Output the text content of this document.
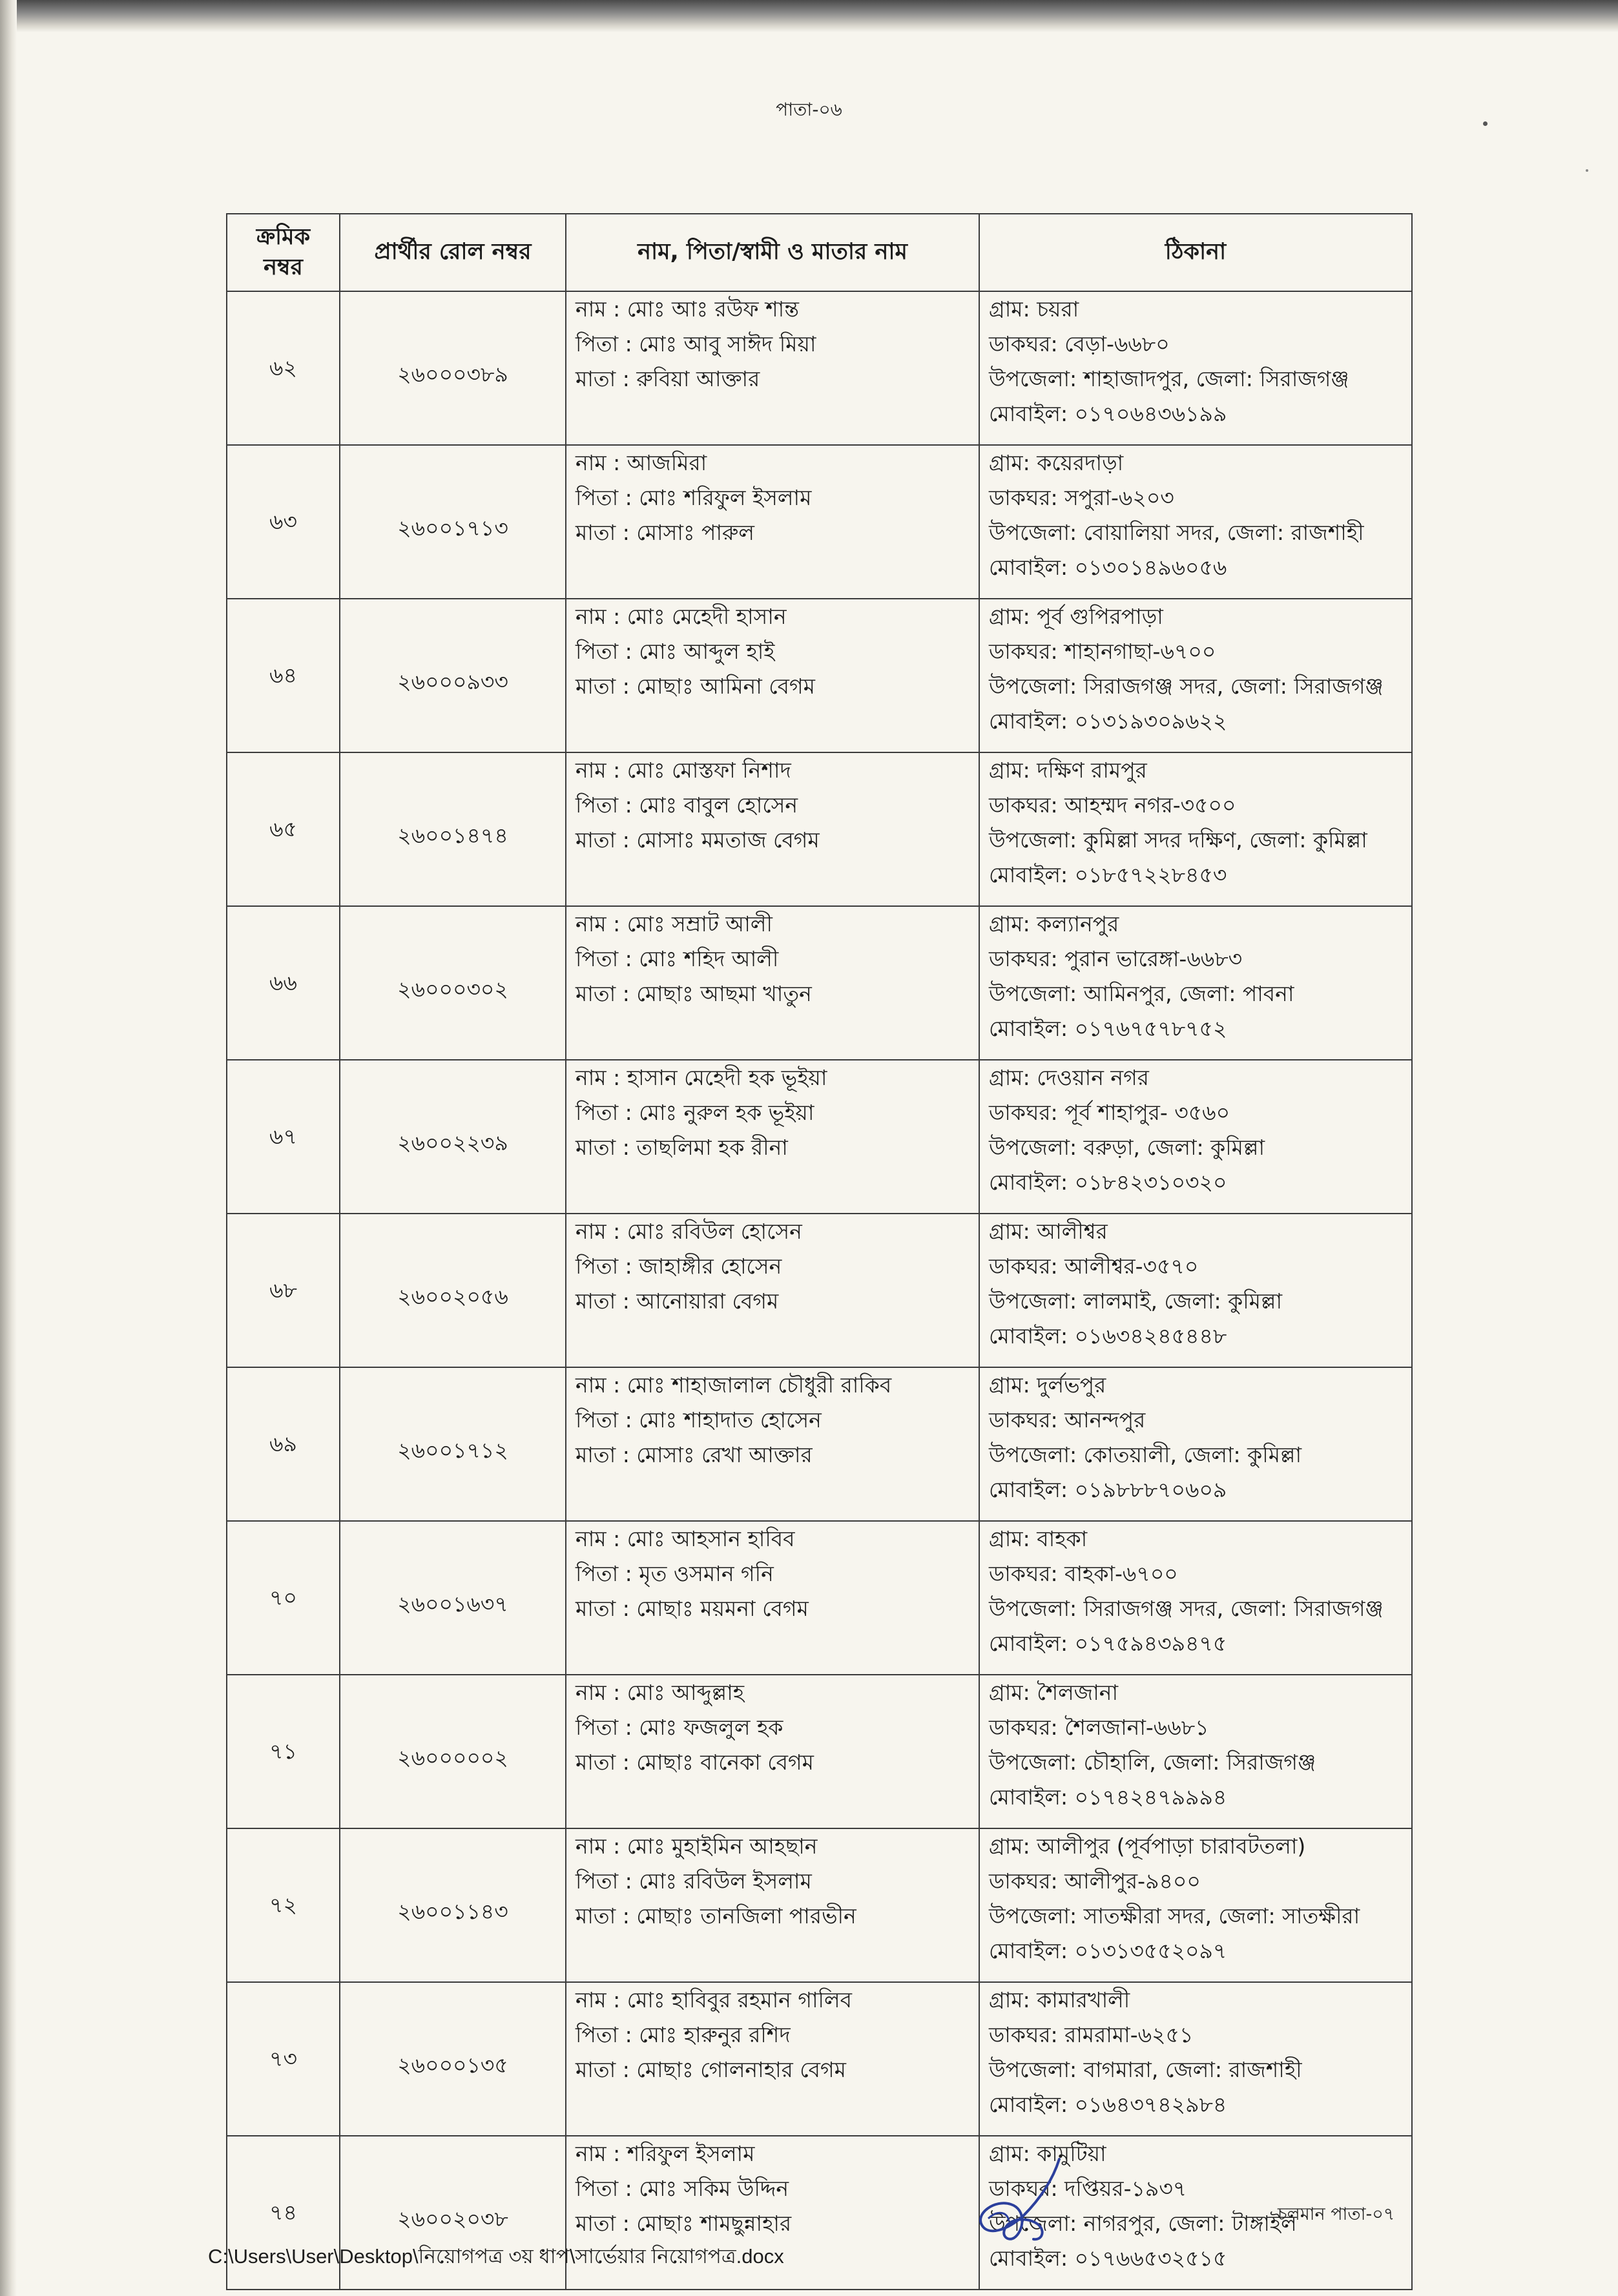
পাতা-০৬
ক্রমিক নম্বর	প্রার্থীর রোল নম্বর	নাম, পিতা/স্বামী ও মাতার নাম	ঠিকানা
৬২	২৬০০০৩৮৯	নাম : মোঃ আঃ রউফ শান্ত
পিতা : মোঃ আবু সাঈদ মিয়া
মাতা : রুবিয়া আক্তার	গ্রাম: চয়রা
ডাকঘর: বেড়া-৬৬৮০
উপজেলা: শাহাজাদপুর, জেলা: সিরাজগঞ্জ
মোবাইল: ০১৭০৬৪৩৬১৯৯

৬৩	২৬০০১৭১৩	নাম : আজমিরা
পিতা : মোঃ শরিফুল ইসলাম
মাতা : মোসাঃ পারুল	গ্রাম: কয়েরদাড়া
ডাকঘর: সপুরা-৬২০৩
উপজেলা: বোয়ালিয়া সদর, জেলা: রাজশাহী
মোবাইল: ০১৩০১৪৯৬০৫৬

৬৪	২৬০০০৯৩৩	নাম : মোঃ মেহেদী হাসান
পিতা : মোঃ আব্দুল হাই
মাতা : মোছাঃ আমিনা বেগম	গ্রাম: পূর্ব গুপিরপাড়া
ডাকঘর: শাহানগাছা-৬৭০০
উপজেলা: সিরাজগঞ্জ সদর, জেলা: সিরাজগঞ্জ
মোবাইল: ০১৩১৯৩০৯৬২২

৬৫	২৬০০১৪৭৪	নাম : মোঃ মোস্তফা নিশাদ
পিতা : মোঃ বাবুল হোসেন
মাতা : মোসাঃ মমতাজ বেগম	গ্রাম: দক্ষিণ রামপুর
ডাকঘর: আহম্মদ নগর-৩৫০০
উপজেলা: কুমিল্লা সদর দক্ষিণ, জেলা: কুমিল্লা
মোবাইল: ০১৮৫৭২২৮৪৫৩

৬৬	২৬০০০৩০২	নাম : মোঃ সম্রাট আলী
পিতা : মোঃ শহিদ আলী
মাতা : মোছাঃ আছমা খাতুন	গ্রাম: কল্যানপুর
ডাকঘর: পুরান ভারেঙ্গা-৬৬৮৩
উপজেলা: আমিনপুর, জেলা: পাবনা
মোবাইল: ০১৭৬৭৫৭৮৭৫২

৬৭	২৬০০২২৩৯	নাম : হাসান মেহেদী হক ভূইয়া
পিতা : মোঃ নুরুল হক ভূইয়া
মাতা : তাছলিমা হক রীনা	গ্রাম: দেওয়ান নগর
ডাকঘর: পূর্ব শাহাপুর- ৩৫৬০
উপজেলা: বরুড়া, জেলা: কুমিল্লা
মোবাইল: ০১৮৪২৩১০৩২০

৬৮	২৬০০২০৫৬	নাম : মোঃ রবিউল হোসেন
পিতা : জাহাঙ্গীর হোসেন
মাতা : আনোয়ারা বেগম	গ্রাম: আলীশ্বর
ডাকঘর: আলীশ্বর-৩৫৭০
উপজেলা: লালমাই, জেলা: কুমিল্লা
মোবাইল: ০১৬৩৪২৪৫৪৪৮

৬৯	২৬০০১৭১২	নাম : মোঃ শাহাজালাল চৌধুরী রাকিব
পিতা : মোঃ শাহাদাত হোসেন
মাতা : মোসাঃ রেখা আক্তার	গ্রাম: দুর্লভপুর
ডাকঘর: আনন্দপুর
উপজেলা: কোতয়ালী, জেলা: কুমিল্লা
মোবাইল: ০১৯৮৮৮৭০৬০৯

৭০	২৬০০১৬৩৭	নাম : মোঃ আহসান হাবিব
পিতা : মৃত ওসমান গনি
মাতা : মোছাঃ ময়মনা বেগম	গ্রাম: বাহকা
ডাকঘর: বাহকা-৬৭০০
উপজেলা: সিরাজগঞ্জ সদর, জেলা: সিরাজগঞ্জ
মোবাইল: ০১৭৫৯৪৩৯৪৭৫

৭১	২৬০০০০০২	নাম : মোঃ আব্দুল্লাহ
পিতা : মোঃ ফজলুল হক
মাতা : মোছাঃ বানেকা বেগম	গ্রাম: শৈলজানা
ডাকঘর: শৈলজানা-৬৬৮১
উপজেলা: চৌহালি, জেলা: সিরাজগঞ্জ
মোবাইল: ০১৭৪২৪৭৯৯৯৪

৭২	২৬০০১১৪৩	নাম : মোঃ মুহাইমিন আহছান
পিতা : মোঃ রবিউল ইসলাম
মাতা : মোছাঃ তানজিলা পারভীন	গ্রাম: আলীপুর (পূর্বপাড়া চারাবটতলা)
ডাকঘর: আলীপুর-৯৪০০
উপজেলা: সাতক্ষীরা সদর, জেলা: সাতক্ষীরা
মোবাইল: ০১৩১৩৫৫২০৯৭

৭৩	২৬০০০১৩৫	নাম : মোঃ হাবিবুর রহমান গালিব
পিতা : মোঃ হারুনুর রশিদ
মাতা : মোছাঃ গোলনাহার বেগম	গ্রাম: কামারখালী
ডাকঘর: রামরামা-৬২৫১
উপজেলা: বাগমারা, জেলা: রাজশাহী
মোবাইল: ০১৬৪৩৭৪২৯৮৪

৭৪	২৬০০২০৩৮	নাম : শরিফুল ইসলাম
পিতা : মোঃ সকিম উদ্দিন
মাতা : মোছাঃ শামছুন্নাহার	গ্রাম: কামুটিয়া
ডাকঘর: দপ্তিয়র-১৯৩৭
উপজেলা: নাগরপুর, জেলা: টাঙ্গাইল
মোবাইল: ০১৭৬৬৫৩২৫১৫
চলমান পাতা-০৭
C:\Users\User\Desktop\নিয়োগপত্র ৩য় ধাপ\সার্ভেয়ার নিয়োগপত্র.docx
